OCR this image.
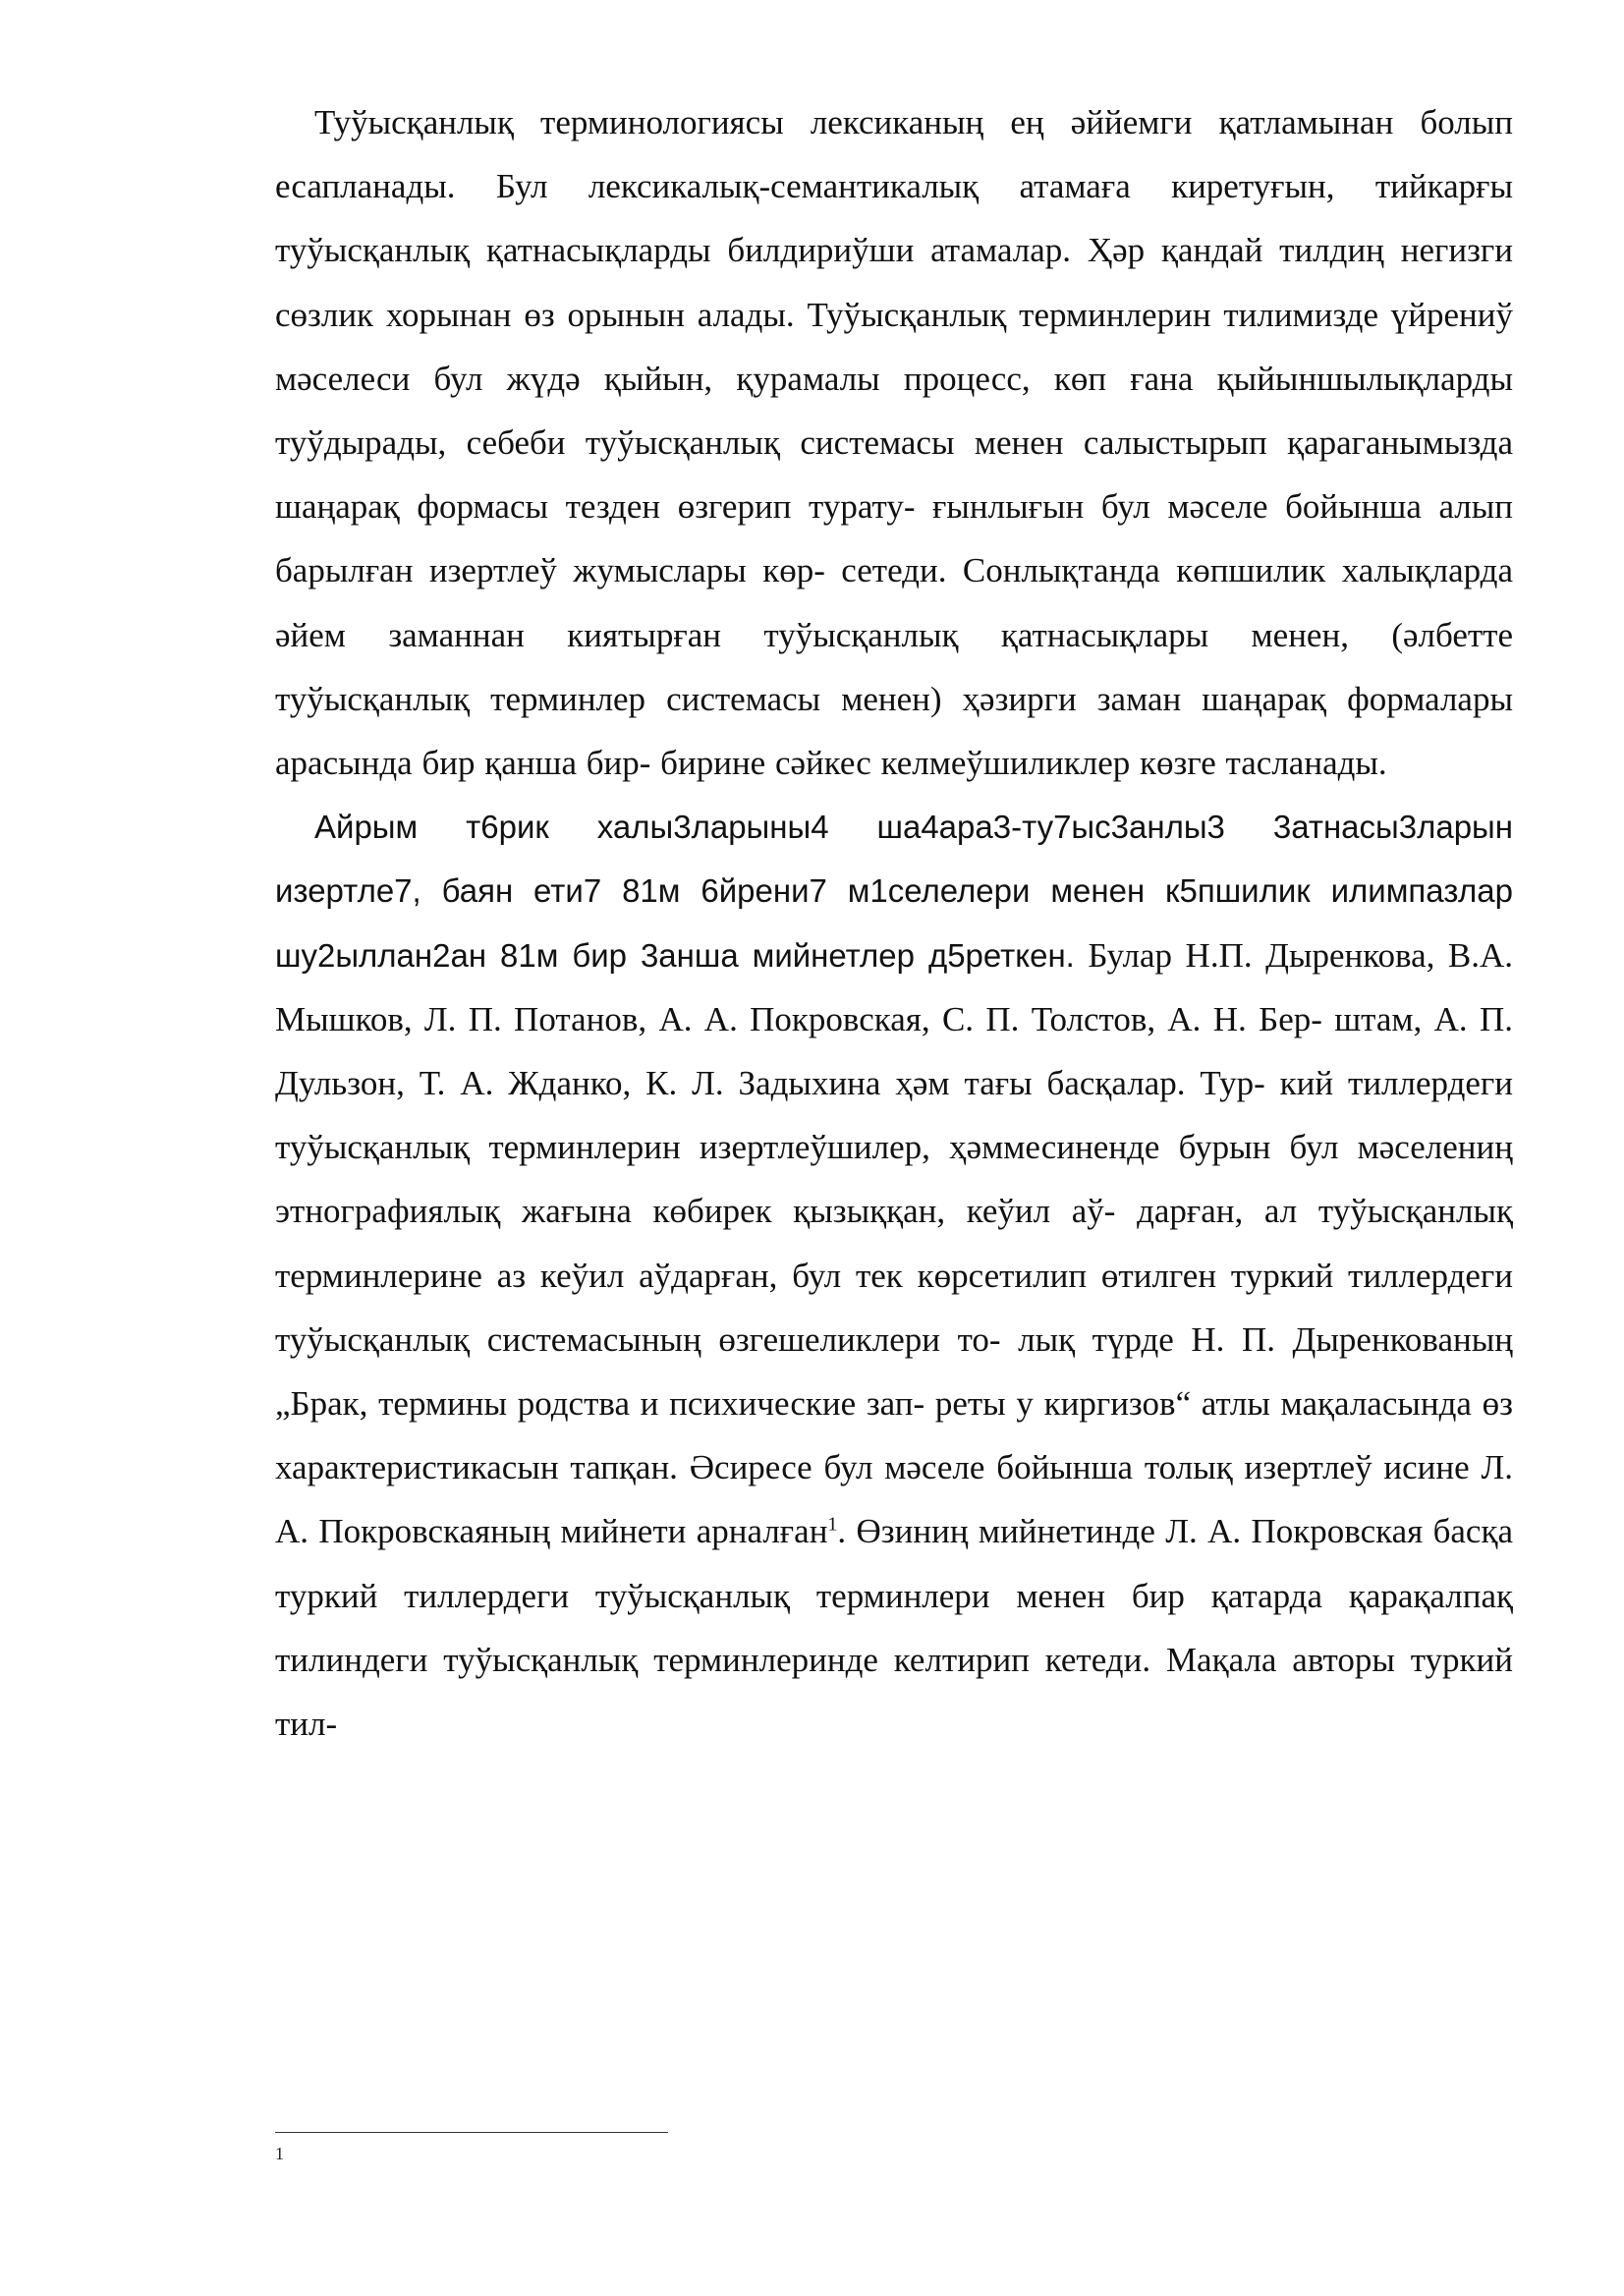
Туўысқанлық терминологиясы лексиканың ең әййемги қатламынан болып есапланады. Бул лексикалық-семантикалық атамаға киретуғын, тийкарғы туўысқанлық қатнасықларды билдириўши атамалар. Ҳәр қандай тилдиң негизги сөзлик хорынан өз орынын алады. Туўысқанлық терминлерин тилимизде үйрениў мәселеси бул жүдә қыйын, қурамалы процесс, көп ғана қыйыншылықларды туўдырады, себеби туўысқанлық системасы менен салыстырып қараганымызда шаңарақ формасы тезден өзгерип турату- ғынлығын бул мәселе бойынша алып барылған изертлеў жумыслары көр- сетеди. Сонлықтанда көпшилик халықларда әйем заманнан киятырған туўысқанлық қатнасықлары менен, (әлбетте туўысқанлық терминлер системасы менен) ҳәзирги заман шаңарақ формалары арасында бир қанша бир- бирине сәйкес келмеўшиликлер көзге тасланады.

Айрым т6рик халы3ларыны4 ша4ара3-ту7ыс3анлы3 3атнасы3ларын изертле7, баян ети7 81м 6йрени7 м1селелери менен к5пшилик илимпазлар шу2ыллан2ан 81м бир 3анша мийнетлер д5реткен. Булар Н.П. Дыренкова, В.А. Мышков, Л. П. Потанов, А. А. Покровская, С. П. Толстов, А. Н. Бер- штам, А. П. Дульзон, Т. А. Жданко, К. Л. Задыхина ҳәм тағы басқалар. Тур- кий тиллердеги туўысқанлық терминлерин изертлеўшилер, ҳәммесиненде бурын бул мәселениң этнографиялық жағына көбирек қызыққан, кеўил аў- дарған, ал туўысқанлық терминлерине аз кеўил аўдарған, бул тек көрсетилип өтилген туркий тиллердеги туўысқанлық системасының өзгешеликлери то- лық түрде Н. П. Дыренкованың „Брак, термины родства и психические зап- реты у киргизов“ атлы мақаласында өз характеристикасын тапқан. Әсиресе бул мәселе бойынша толық изертлеў исине Л. А. Покровскаяның мийнети арналған$^1$. Өзиниң мийнетинде Л. А. Покровская басқа туркий тиллердеги туўысқанлық терминлери менен бир қатарда қарақалпақ тилиндеги туўысқанлық терминлеринде келтирип кетеди. Мақала авторы туркий тил-

1
